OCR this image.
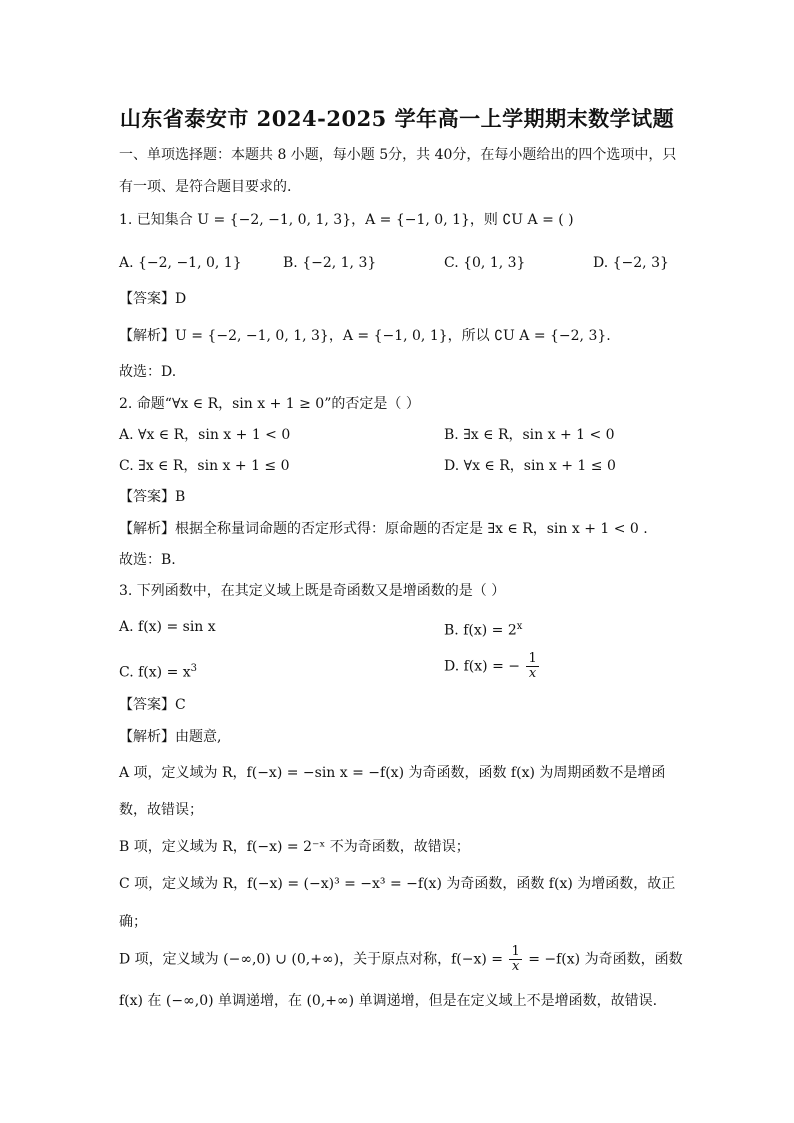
山东省泰安市 2024-2025 学年高一上学期期末数学试题
一、单项选择题：本题共 8 小题，每小题 5分，共 40分，在每小题给出的四个选项中，只
有一项、是符合题目要求的.
1. 已知集合 U = {−2, −1, 0, 1, 3}，A = {−1, 0, 1}，则 ∁U A = ( )
A. {−2, −1, 0, 1}	B. {−2, 1, 3}	C. {0, 1, 3}	D. {−2, 3}
【答案】D
【解析】U = {−2, −1, 0, 1, 3}，A = {−1, 0, 1}，所以 ∁U A = {−2, 3}.
故选：D.
2. 命题“∀x ∈ R，sin x + 1 ≥ 0”的否定是（ ）
A. ∀x ∈ R，sin x + 1 < 0	B. ∃x ∈ R，sin x + 1 < 0
C. ∃x ∈ R，sin x + 1 ≤ 0	D. ∀x ∈ R，sin x + 1 ≤ 0
【答案】B
【解析】根据全称量词命题的否定形式得：原命题的否定是 ∃x ∈ R，sin x + 1 < 0 .
故选：B.
3. 下列函数中，在其定义域上既是奇函数又是增函数的是（ ）
A. f(x) = sin x	B. $f(x) = 2^x$
C. $f(x) = x^3$	D. f(x) = − $\frac{1}{x}$
【答案】C
【解析】由题意,
A 项，定义域为 R，f(−x) = −sin x = −f(x) 为奇函数，函数 f(x) 为周期函数不是增函
数，故错误；
B 项，定义域为 R，f(−x) = 2⁻ˣ 不为奇函数，故错误；
C 项，定义域为 R，f(−x) = (−x)³ = −x³ = −f(x) 为奇函数，函数 f(x) 为增函数，故正
确；
D 项，定义域为 (−∞,0) ∪ (0,+∞)，关于原点对称，$f(-x) = \frac{1}{x} = -f(x)$ 为奇函数，函数
f(x) 在 (−∞,0) 单调递增，在 (0,+∞) 单调递增，但是在定义域上不是增函数，故错误.
